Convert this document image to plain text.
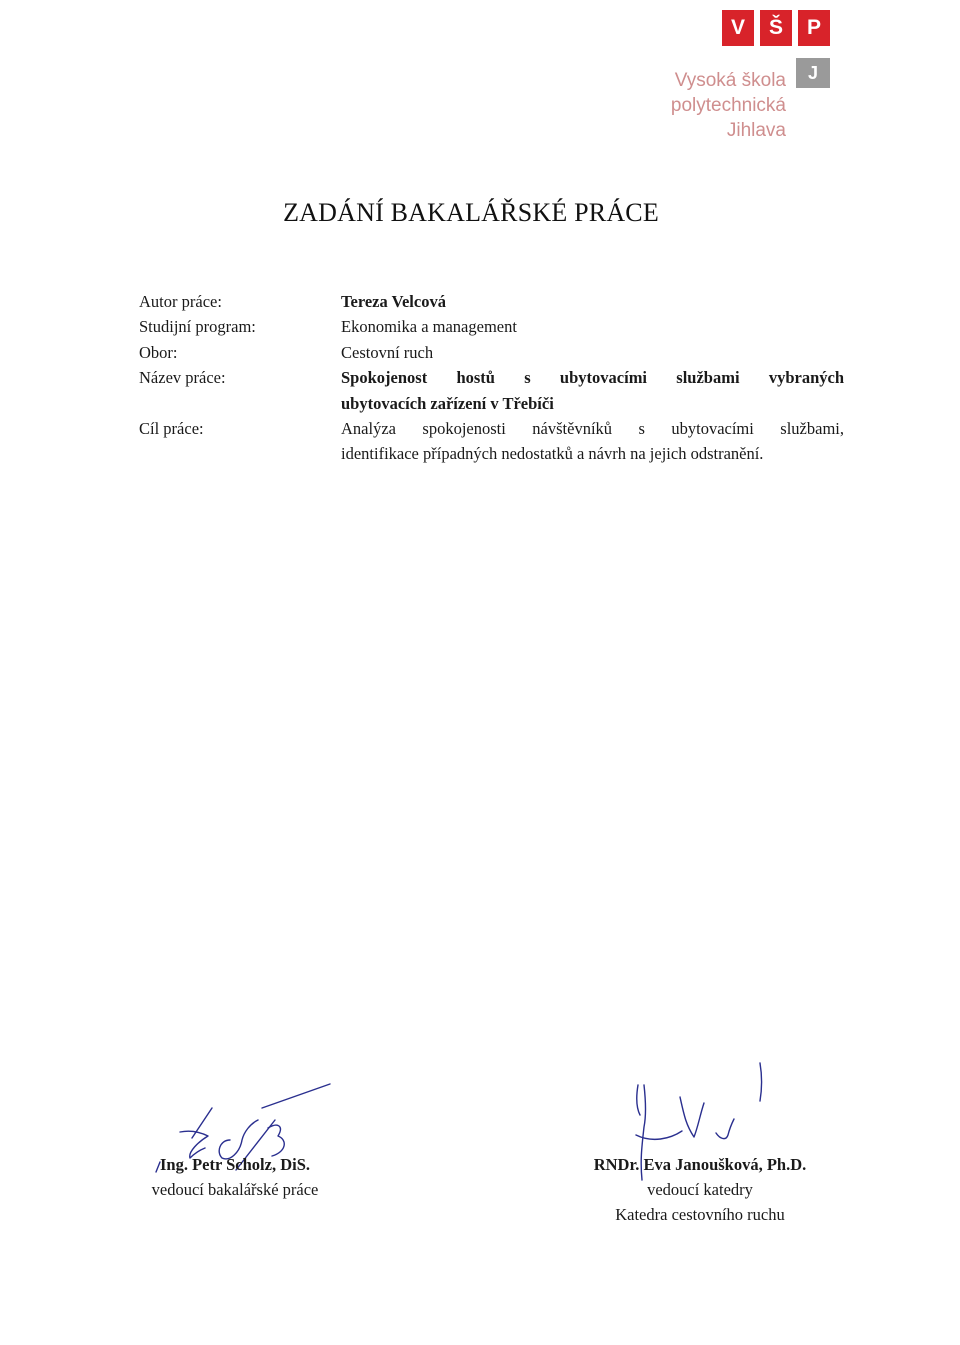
V	Š	P
J
Vysoká škola
polytechnická
Jihlava
ZADÁNÍ BAKALÁŘSKÉ PRÁCE
Autor práce:	Tereza Velcová
Studijní program:	Ekonomika a management
Obor:	Cestovní ruch
Název práce:	Spokojenost hostů s ubytovacími službami vybraných
ubytovacích zařízení v Třebíči
Cíl práce:	Analýza spokojenosti návštěvníků s ubytovacími službami,
identifikace případných nedostatků a návrh na jejich odstranění.
Ing. Petr Scholz, DiS.
vedoucí bakalářské práce
RNDr. Eva Janoušková, Ph.D.
vedoucí katedry
Katedra cestovního ruchu
